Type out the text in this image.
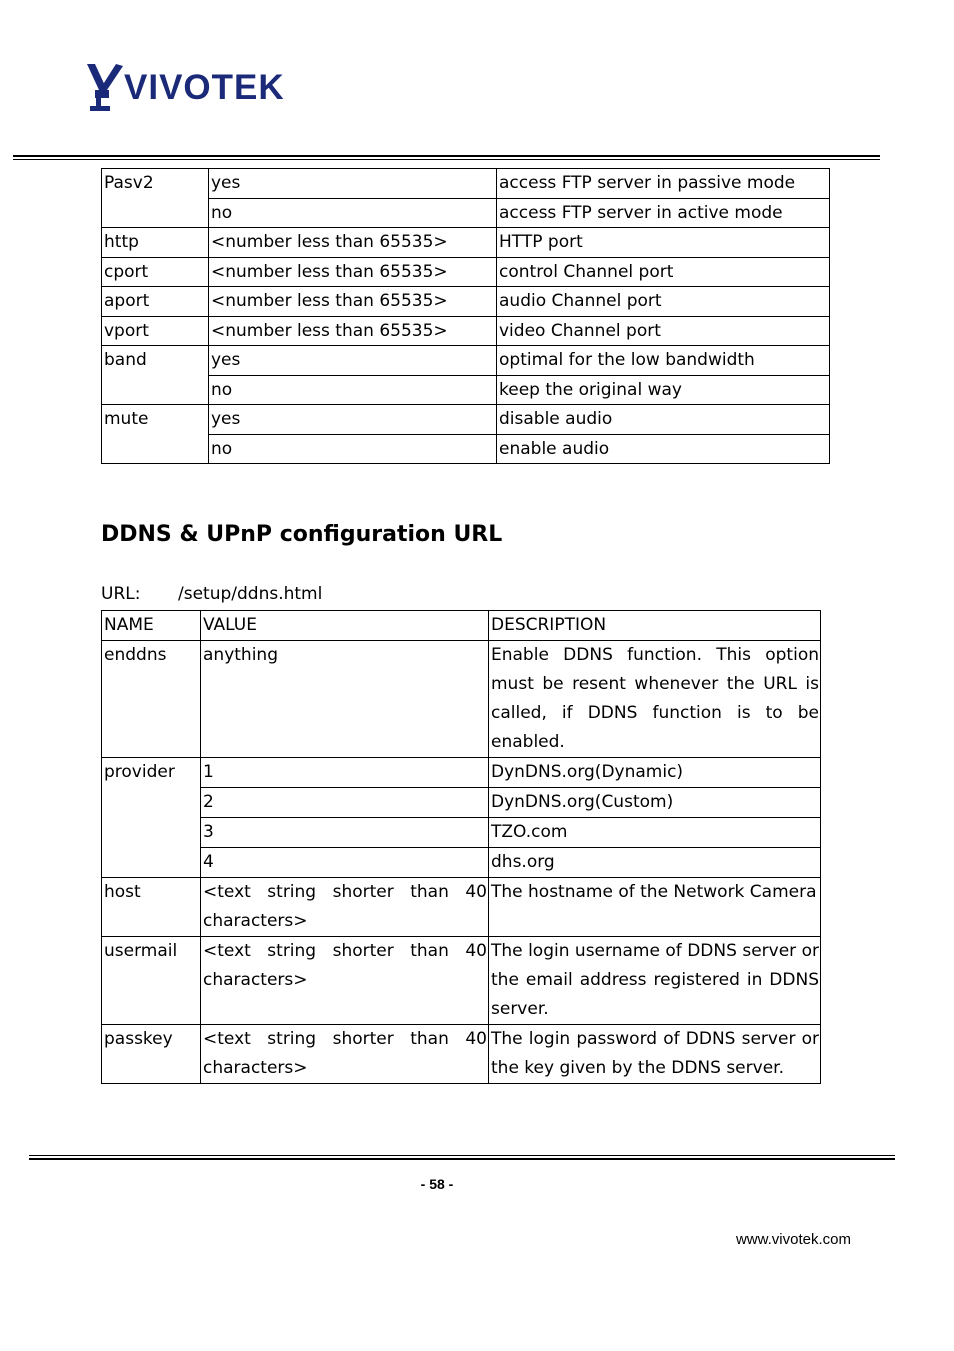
VIVOTEK
Pasv2	yes	access FTP server in passive mode
	no	access FTP server in active mode
http	<number less than 65535>	HTTP port
cport	<number less than 65535>	control Channel port
aport	<number less than 65535>	audio Channel port
vport	<number less than 65535>	video Channel port
band	yes	optimal for the low bandwidth
	no	keep the original way
mute	yes	disable audio
	no	enable audio
DDNS & UPnP configuration URL
URL: /setup/ddns.html
NAME	VALUE	DESCRIPTION
enddns	anything	Enable DDNS function. This option must be resent whenever the URL is called, if DDNS function is to be enabled.
provider	1	DynDNS.org(Dynamic)
	2	DynDNS.org(Custom)
	3	TZO.com
	4	dhs.org
host	<text string shorter than 40 characters>	The hostname of the Network Camera
usermail	<text string shorter than 40 characters>	The login username of DDNS server or the email address registered in DDNS server.
passkey	<text string shorter than 40 characters>	The login password of DDNS server or the key given by the DDNS server.
- 58 -
www.vivotek.com
